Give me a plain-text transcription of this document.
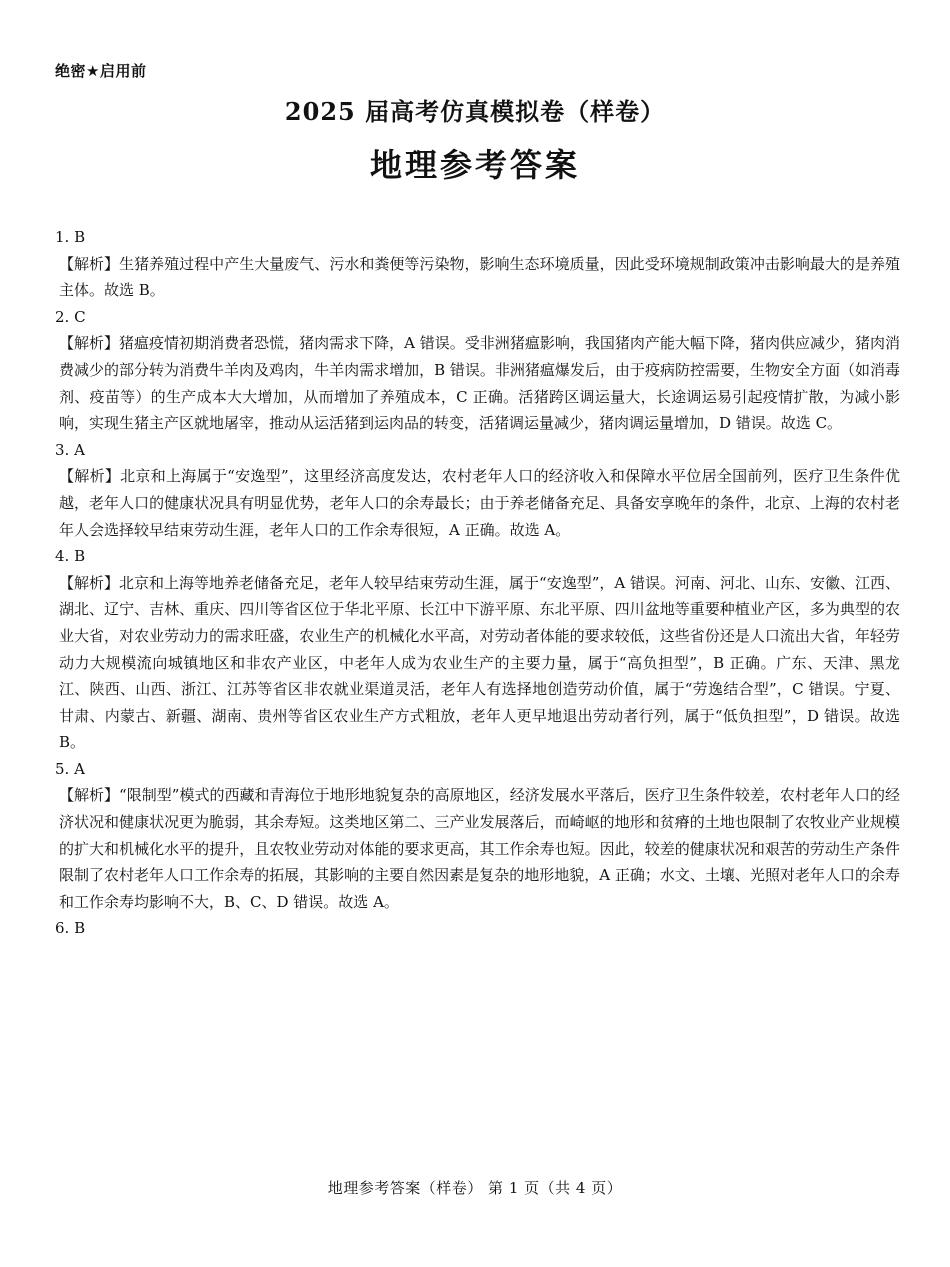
绝密★启用前
2025 届高考仿真模拟卷（样卷）
地理参考答案

1. B

【解析】生猪养殖过程中产生大量废气、污水和粪便等污染物，影响生态环境质量，因此受环境规制政策冲击影响最大的是养殖主体。故选 B。

2. C

【解析】猪瘟疫情初期消费者恐慌，猪肉需求下降，A 错误。受非洲猪瘟影响，我国猪肉产能大幅下降，猪肉供应减少，猪肉消费减少的部分转为消费牛羊肉及鸡肉，牛羊肉需求增加，B 错误。非洲猪瘟爆发后，由于疫病防控需要，生物安全方面（如消毒剂、疫苗等）的生产成本大大增加，从而增加了养殖成本，C 正确。活猪跨区调运量大，长途调运易引起疫情扩散，为减小影响，实现生猪主产区就地屠宰，推动从运活猪到运肉品的转变，活猪调运量减少，猪肉调运量增加，D 错误。故选 C。

3. A

【解析】北京和上海属于“安逸型”，这里经济高度发达，农村老年人口的经济收入和保障水平位居全国前列，医疗卫生条件优越，老年人口的健康状况具有明显优势，老年人口的余寿最长；由于养老储备充足、具备安享晚年的条件，北京、上海的农村老年人会选择较早结束劳动生涯，老年人口的工作余寿很短，A 正确。故选 A。

4. B

【解析】北京和上海等地养老储备充足，老年人较早结束劳动生涯，属于“安逸型”，A 错误。河南、河北、山东、安徽、江西、湖北、辽宁、吉林、重庆、四川等省区位于华北平原、长江中下游平原、东北平原、四川盆地等重要种植业产区，多为典型的农业大省，对农业劳动力的需求旺盛，农业生产的机械化水平高，对劳动者体能的要求较低，这些省份还是人口流出大省，年轻劳动力大规模流向城镇地区和非农产业区，中老年人成为农业生产的主要力量，属于“高负担型”，B 正确。广东、天津、黑龙江、陕西、山西、浙江、江苏等省区非农就业渠道灵活，老年人有选择地创造劳动价值，属于“劳逸结合型”，C 错误。宁夏、甘肃、内蒙古、新疆、湖南、贵州等省区农业生产方式粗放，老年人更早地退出劳动者行列，属于“低负担型”，D 错误。故选 B。

5. A

【解析】“限制型”模式的西藏和青海位于地形地貌复杂的高原地区，经济发展水平落后，医疗卫生条件较差，农村老年人口的经济状况和健康状况更为脆弱，其余寿短。这类地区第二、三产业发展落后，而崎岖的地形和贫瘠的土地也限制了农牧业产业规模的扩大和机械化水平的提升，且农牧业劳动对体能的要求更高，其工作余寿也短。因此，较差的健康状况和艰苦的劳动生产条件限制了农村老年人口工作余寿的拓展，其影响的主要自然因素是复杂的地形地貌，A 正确；水文、土壤、光照对老年人口的余寿和工作余寿均影响不大，B、C、D 错误。故选 A。

6. B

地理参考答案（样卷） 第 1 页（共 4 页）
